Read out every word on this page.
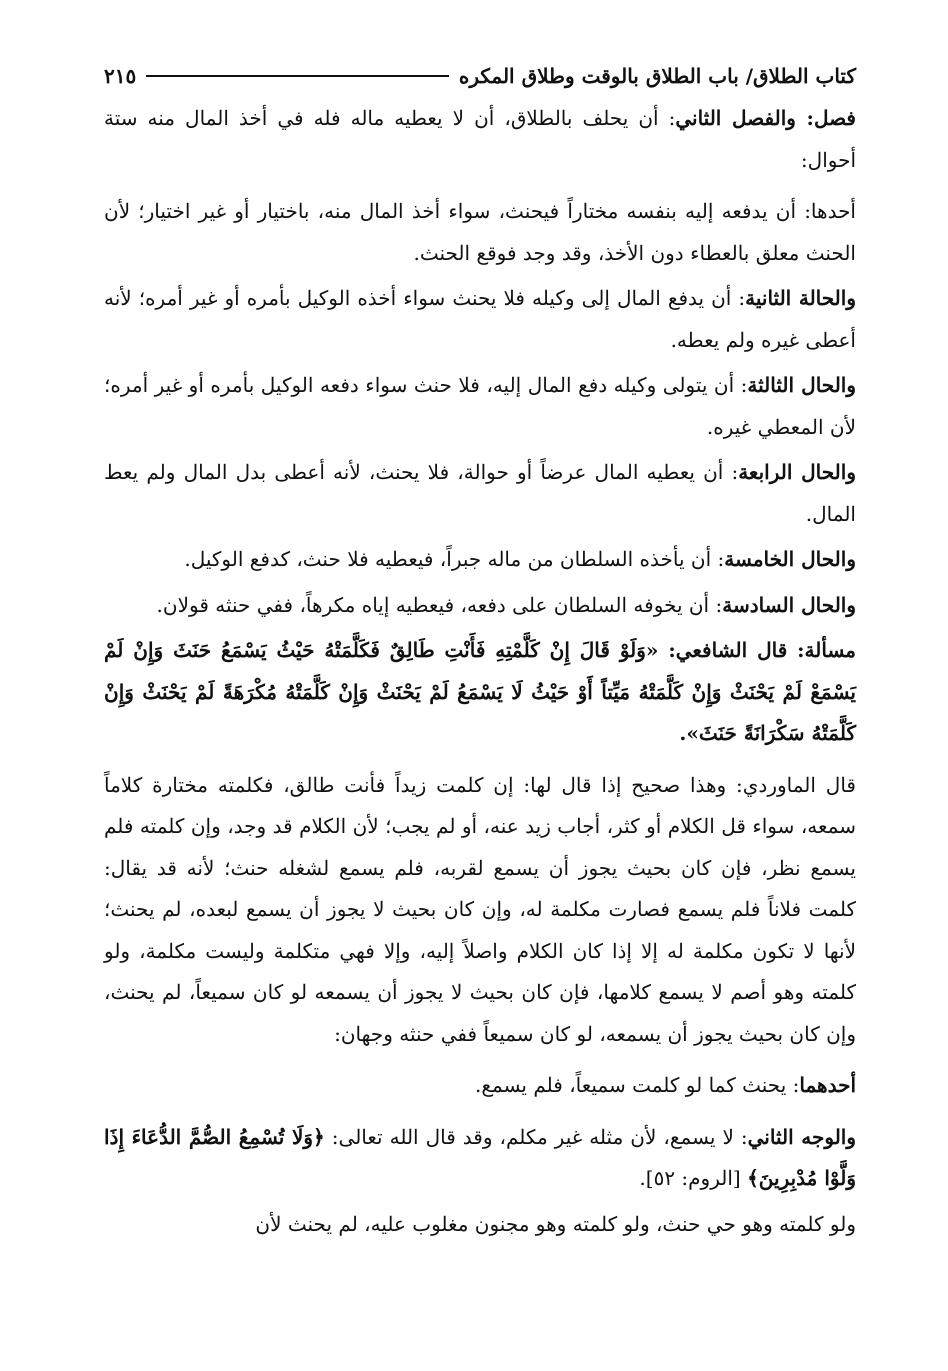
كتاب الطلاق/ باب الطلاق بالوقت وطلاق المكره
٢١٥

فصل: والفصل الثاني: أن يحلف بالطلاق، أن لا يعطيه ماله فله في أخذ المال منه ستة أحوال:

أحدها: أن يدفعه إليه بنفسه مختاراً فيحنث، سواء أخذ المال منه، باختيار أو غير اختيار؛ لأن الحنث معلق بالعطاء دون الأخذ، وقد وجد فوقع الحنث.

والحالة الثانية: أن يدفع المال إلى وكيله فلا يحنث سواء أخذه الوكيل بأمره أو غير أمره؛ لأنه أعطى غيره ولم يعطه.

والحال الثالثة: أن يتولى وكيله دفع المال إليه، فلا حنث سواء دفعه الوكيل بأمره أو غير أمره؛ لأن المعطي غيره.

والحال الرابعة: أن يعطيه المال عرضاً أو حوالة، فلا يحنث، لأنه أعطى بدل المال ولم يعط المال.

والحال الخامسة: أن يأخذه السلطان من ماله جبراً، فيعطيه فلا حنث، كدفع الوكيل.

والحال السادسة: أن يخوفه السلطان على دفعه، فيعطيه إياه مكرهاً، ففي حنثه قولان.

مسألة: قال الشافعي: «وَلَوْ قَالَ إِنْ كَلَّمْتِهِ فَأَنْتِ طَالِقٌ فَكَلَّمَتْهُ حَيْثُ يَسْمَعُ حَنَثَ وَإِنْ لَمْ يَسْمَعْ لَمْ يَحْنَثْ وَإِنْ كَلَّمَتْهُ مَيِّتاً أَوْ حَيْثُ لَا يَسْمَعُ لَمْ يَحْنَثْ وَإِنْ كَلَّمَتْهُ مُكْرَهَةً لَمْ يَحْنَثْ وَإِنْ كَلَّمَتْهُ سَكْرَانَةً حَنَثَ».

قال الماوردي: وهذا صحيح إذا قال لها: إن كلمت زيداً فأنت طالق، فكلمته مختارة كلاماً سمعه، سواء قل الكلام أو كثر، أجاب زيد عنه، أو لم يجب؛ لأن الكلام قد وجد، وإن كلمته فلم يسمع نظر، فإن كان بحيث يجوز أن يسمع لقربه، فلم يسمع لشغله حنث؛ لأنه قد يقال: كلمت فلاناً فلم يسمع فصارت مكلمة له، وإن كان بحيث لا يجوز أن يسمع لبعده، لم يحنث؛ لأنها لا تكون مكلمة له إلا إذا كان الكلام واصلاً إليه، وإلا فهي متكلمة وليست مكلمة، ولو كلمته وهو أصم لا يسمع كلامها، فإن كان بحيث لا يجوز أن يسمعه لو كان سميعاً، لم يحنث، وإن كان بحيث يجوز أن يسمعه، لو كان سميعاً ففي حنثه وجهان:

أحدهما: يحنث كما لو كلمت سميعاً، فلم يسمع.

والوجه الثاني: لا يسمع، لأن مثله غير مكلم، وقد قال الله تعالى: ﴿وَلَا تُسْمِعُ الصُّمَّ الدُّعَاءَ إِذَا وَلَّوْا مُدْبِرِينَ﴾ [الروم: ٥٢].

ولو كلمته وهو حي حنث، ولو كلمته وهو مجنون مغلوب عليه، لم يحنث لأن
